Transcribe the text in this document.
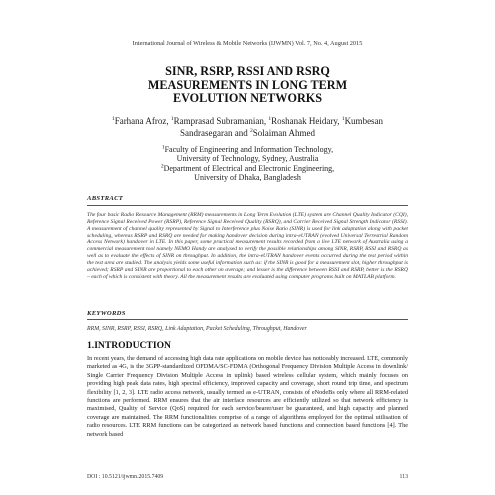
International Journal of Wireless & Mobile Networks (IJWMN) Vol. 7, No. 4, August 2015
SINR, RSRP, RSSI AND RSRQ
MEASUREMENTS IN LONG TERM
EVOLUTION NETWORKS
$^1$Farhana Afroz, $^1$Ramprasad Subramanian, $^1$Roshanak Heidary, $^1$Kumbesan
Sandrasegaran and $^2$Solaiman Ahmed
$^1$Faculty of Engineering and Information Technology,
University of Technology, Sydney, Australia
$^2$Department of Electrical and Electronic Engineering,
University of Dhaka, Bangladesh
ABSTRACT
The four basic Radio Resource Management (RRM) measurements in Long Term Evolution (LTE) system are Channel Quality Indicator (CQI), Reference Signal Received Power (RSRP), Reference Signal Received Quality (RSRQ), and Carrier Received Signal Strength Indicator (RSSI). A measurement of channel quality represented by Signal to Interference plus Noise Ratio (SINR) is used for link adaptation along with packet scheduling, whereas RSRP and RSRQ are needed for making handover decision during intra-eUTRAN (evolved Universal Terrestrial Random Access Network) handover in LTE. In this paper, some practical measurement results recorded from a live LTE network of Australia using a commercial measurement tool namely NEMO Handy are analysed to verify the possible relationships among SINR, RSRP, RSSI and RSRQ as well as to evaluate the effects of SINR on throughput. In addition, the intra-eUTRAN handover events occurred during the test period within the test area are studied. The analysis yields some useful information such as: if the SINR is good for a measurement slot, higher throughput is achieved; RSRP and SINR are proportional to each other on average; and lesser is the difference between RSSI and RSRP, better is the RSRQ – each of which is consistent with theory. All the measurement results are evaluated using computer programs built on MATLAB platform.
KEYWORDS
RRM, SINR, RSRP, RSSI, RSRQ, Link Adaptation, Packet Scheduling, Throughput, Handover
1.INTRODUCTION
In recent years, the demand of accessing high data rate applications on mobile device has noticeably increased. LTE, commonly marketed as 4G, is the 3GPP-standardized OFDMA/SC-FDMA (Orthogonal Frequency Division Multiple Access in downlink/ Single Carrier Frequency Division Multiple Access in uplink) based wireless cellular system, which mainly focuses on providing high peak data rates, high spectral efficiency, improved capacity and coverage, short round trip time, and spectrum flexibility [1, 2, 3]. LTE radio access network, usually termed as e-UTRAN, consists of eNodeBs only where all RRM-related functions are performed. RRM ensures that the air interface resources are efficiently utilized so that network efficiency is maximised, Quality of Service (QoS) required for each service/bearer/user be guaranteed, and high capacity and planned coverage are maintained. The RRM functionalities comprise of a range of algorithms employed for the optimal utilisation of radio resources. LTE RRM functions can be categorized as network based functions and connection based functions [4]. The network based
DOI : 10.5121/ijwmn.2015.7409	113
